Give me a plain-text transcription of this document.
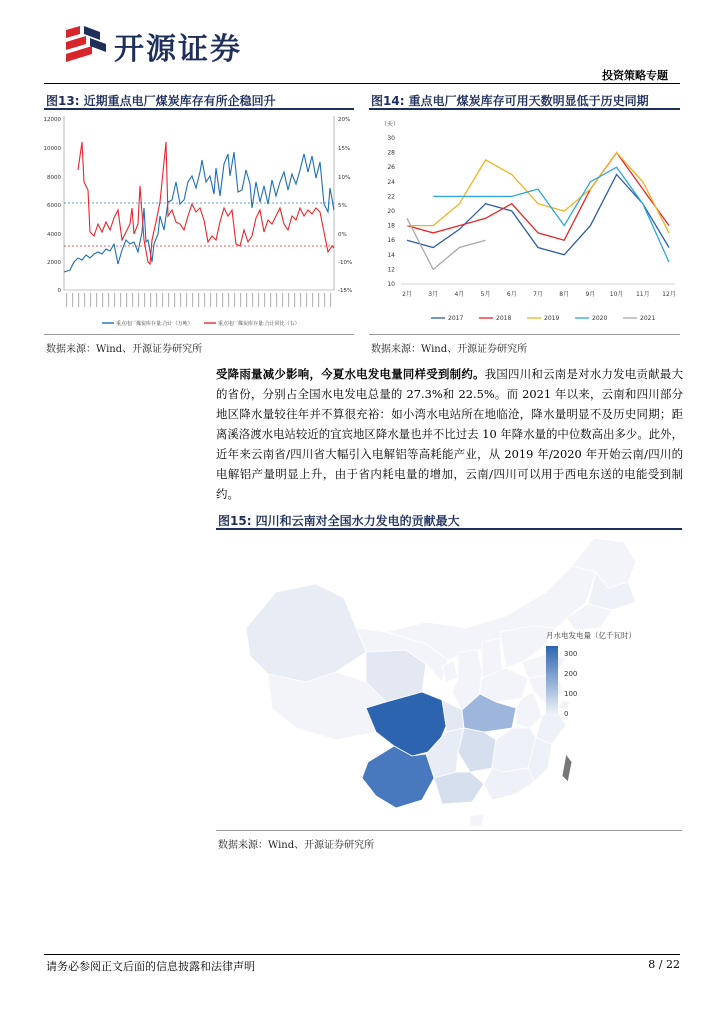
开源证券
投资策略专题
图13: 近期重点电厂煤炭库存有所企稳回升
12000
10000
8000
6000
4000
2000
0
20%
15%
10%
5%
0%
-10%
-15%
重点电厂煤炭库存量:合计（万吨）	重点电厂煤炭库存量:合计同比（右）
数据来源：Wind、开源证券研究所
图14: 重点电厂煤炭库存可用天数明显低于历史同期
（天）
10
12
14
16
18
20
22
24
26
28
30
2月	3月	4月	5月	6月	7月	8月	9月 10月 11月 12月
2017	2018	2019	2020	2021
数据来源：Wind、开源证券研究所
受降雨量减少影响，今夏水电发电量同样受到制约。我国四川和云南是对水力发电贡献最大的省份，分别占全国水电发电总量的 27.3%和 22.5%。而 2021 年以来，云南和四川部分地区降水量较往年并不算很充裕：如小湾水电站所在地临沧，降水量明显不及历史同期；距离溪洛渡水电站较近的宜宾地区降水量也并不比过去 10 年降水量的中位数高出多少。此外，近年来云南省/四川省大幅引入电解铝等高耗能产业，从 2019 年/2020 年开始云南/四川的电解铝产量明显上升，由于省内耗电量的增加，云南/四川可以用于西电东送的电能受到制约。
图15: 四川和云南对全国水力发电的贡献最大
月水电发电量（亿千瓦时）
300
200
100
0
数据来源：Wind、开源证券研究所
请务必参阅正文后面的信息披露和法律声明	8 / 22
